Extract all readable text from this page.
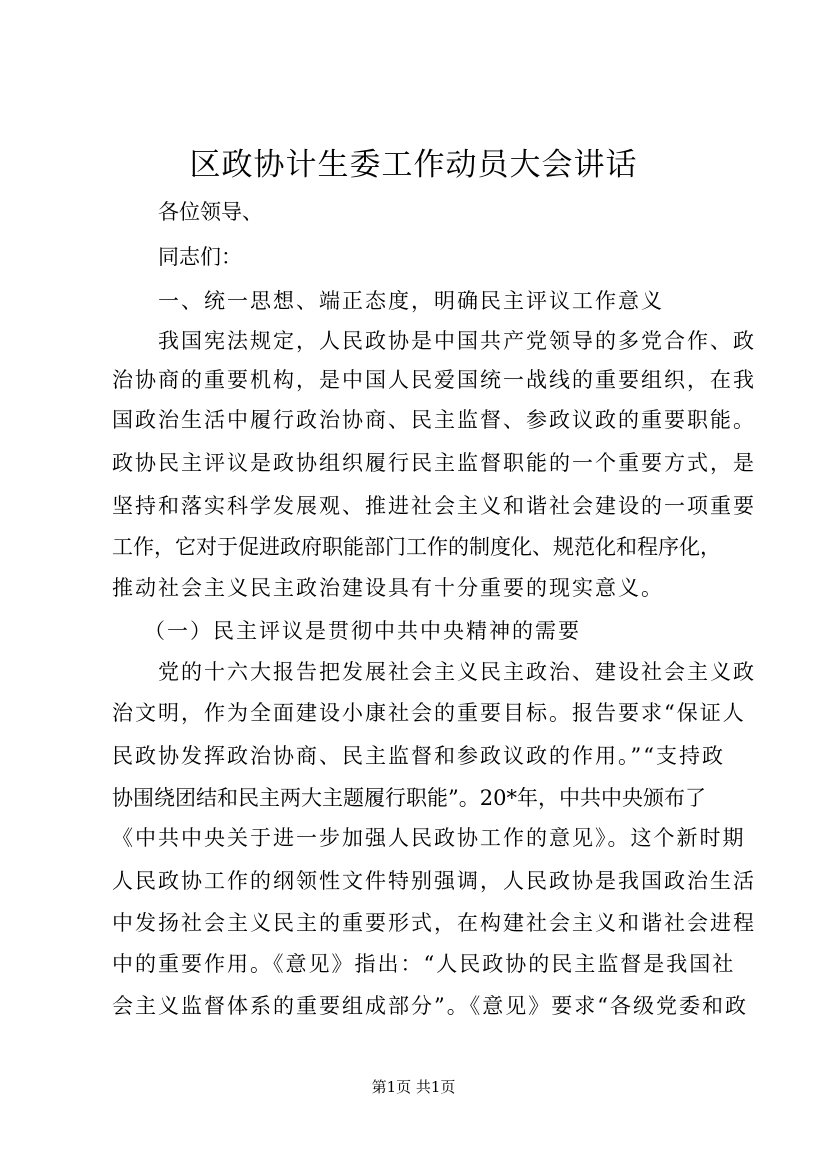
区政协计生委工作动员大会讲话
各位领导、
同志们：
一、统一思想、端正态度，明确民主评议工作意义
我国宪法规定，人民政协是中国共产党领导的多党合作、政
治协商的重要机构，是中国人民爱国统一战线的重要组织，在我
国政治生活中履行政治协商、民主监督、参政议政的重要职能。
政协民主评议是政协组织履行民主监督职能的一个重要方式，是
坚持和落实科学发展观、推进社会主义和谐社会建设的一项重要
工作，它对于促进政府职能部门工作的制度化、规范化和程序化，
推动社会主义民主政治建设具有十分重要的现实意义。
（一）民主评议是贯彻中共中央精神的需要
党的十六大报告把发展社会主义民主政治、建设社会主义政
治文明，作为全面建设小康社会的重要目标。报告要求“保证人
民政协发挥政治协商、民主监督和参政议政的作用。”“支持政
协围绕团结和民主两大主题履行职能”。20*年，中共中央颁布了
《中共中央关于进一步加强人民政协工作的意见》。这个新时期
人民政协工作的纲领性文件特别强调，人民政协是我国政治生活
中发扬社会主义民主的重要形式，在构建社会主义和谐社会进程
中的重要作用。《意见》指出：“人民政协的民主监督是我国社
会主义监督体系的重要组成部分”。《意见》要求“各级党委和政
第1页 共1页
